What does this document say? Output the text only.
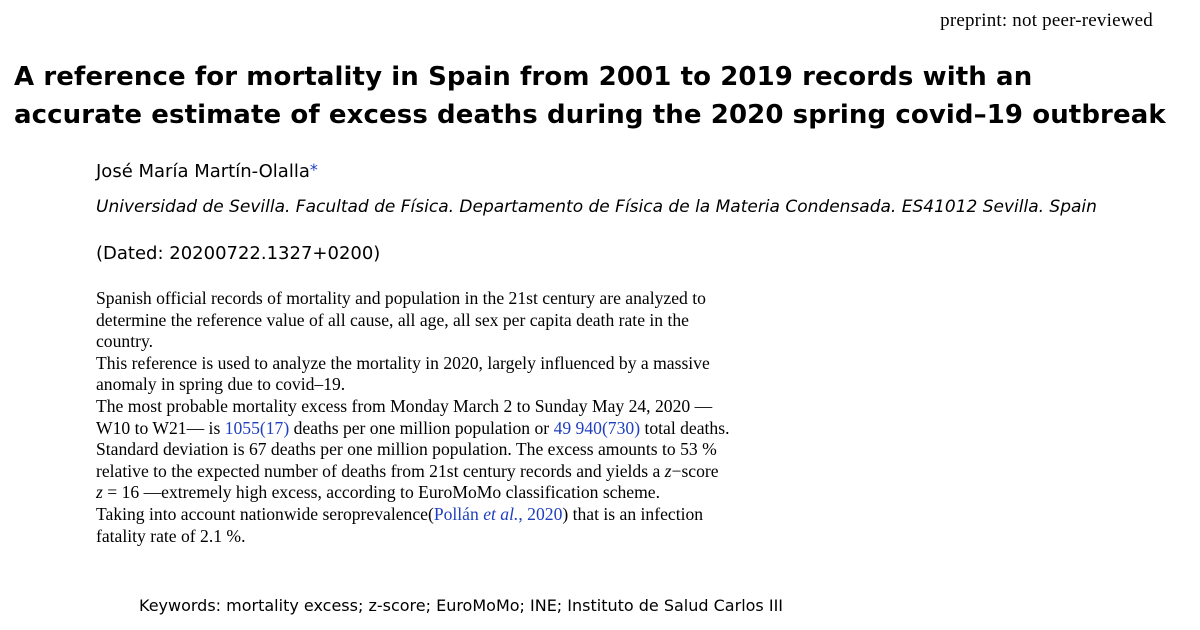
preprint: not peer-reviewed
A reference for mortality in Spain from 2001 to 2019 records with an
accurate estimate of excess deaths during the 2020 spring covid–19 outbreak
José María Martín-Olalla*
Universidad de Sevilla. Facultad de Física. Departamento de Física de la Materia Condensada. ES41012 Sevilla. Spain
(Dated: 20200722.1327+0200)

Spanish official records of mortality and population in the 21st century are analyzed to
determine the reference value of all cause, all age, all sex per capita death rate in the
country.

This reference is used to analyze the mortality in 2020, largely influenced by a massive
anomaly in spring due to covid–19.

The most probable mortality excess from Monday March 2 to Sunday May 24, 2020 —
W10 to W21— is 1055(17) deaths per one million population or 49 940(730) total deaths.
Standard deviation is 67 deaths per one million population. The excess amounts to 53 %
relative to the expected number of deaths from 21st century records and yields a z−score
z = 16 —extremely high excess, according to EuroMoMo classification scheme.

Taking into account nationwide seroprevalence(Pollán et al., 2020) that is an infection
fatality rate of 2.1 %.

Keywords: mortality excess; z-score; EuroMoMo; INE; Instituto de Salud Carlos III
